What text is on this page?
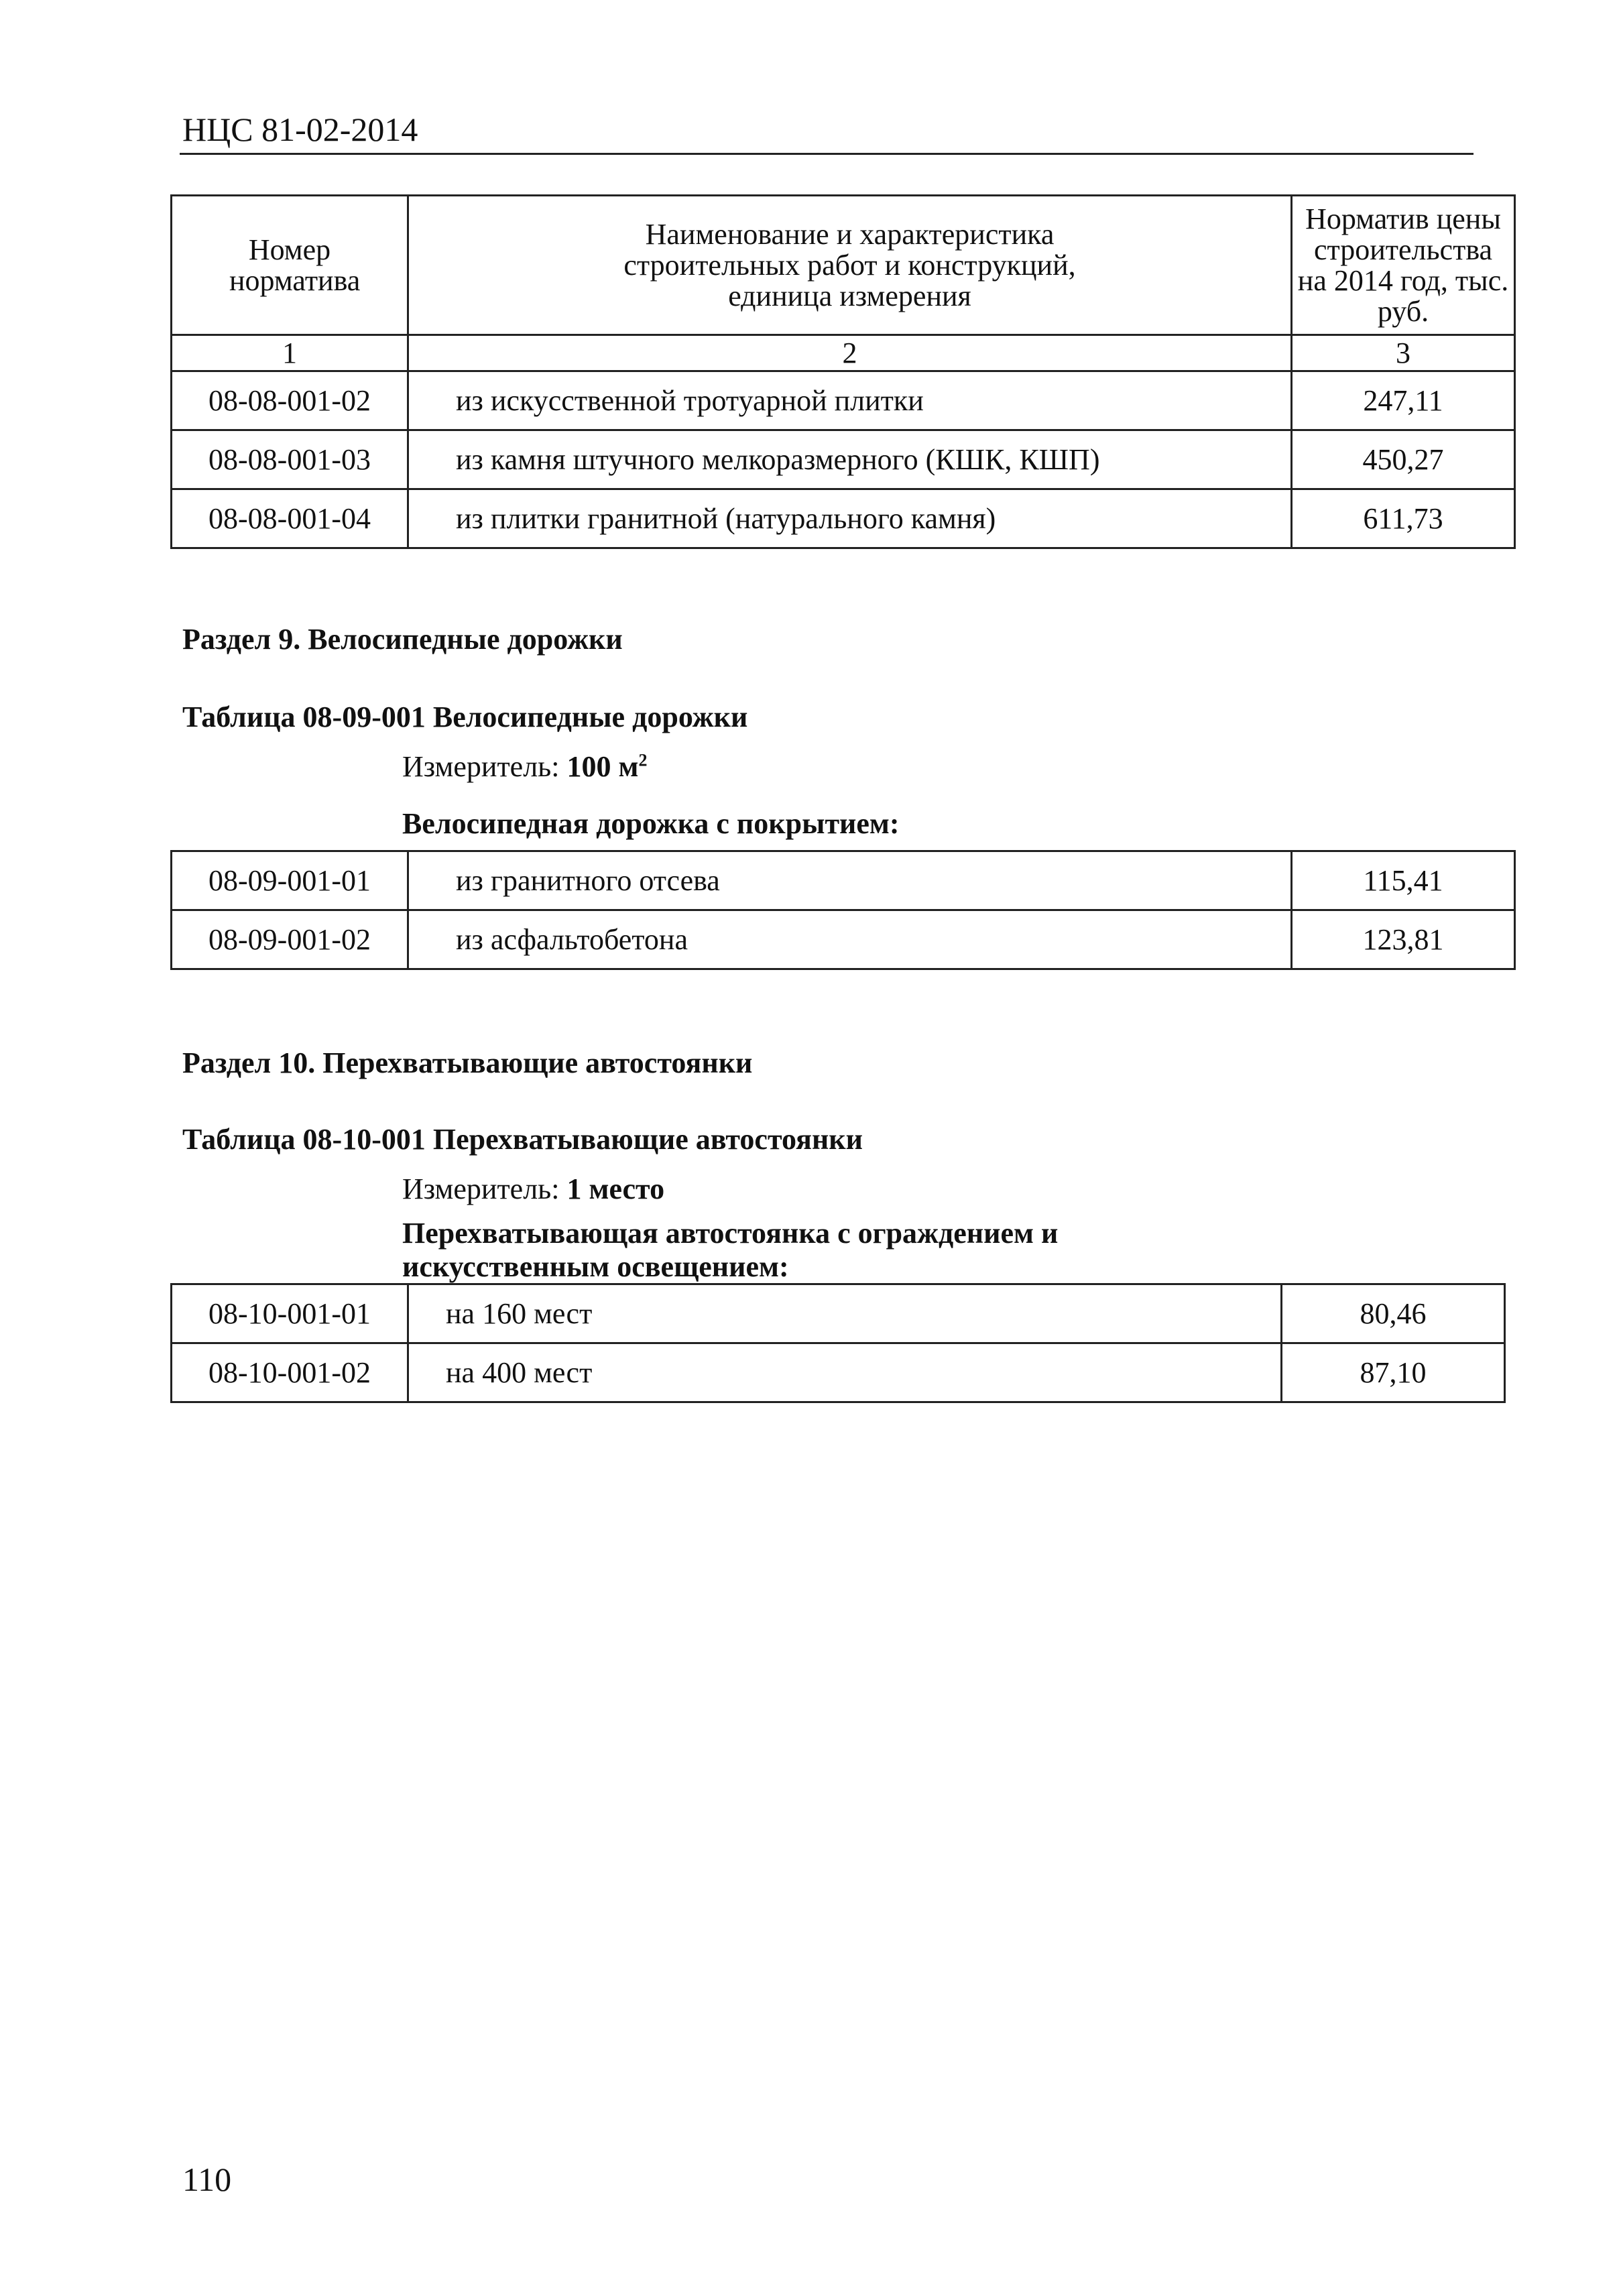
НЦС 81-02-2014
Номер норматива	Наименование и характеристика строительных работ и конструкций, единица измерения	Норматив цены строительства на 2014 год, тыс. руб.

1	2	3
08-08-001-02	из искусственной тротуарной плитки	247,11
08-08-001-03	из камня штучного мелкоразмерного (КШК, КШП)	450,27
08-08-001-04	из плитки гранитной (натурального камня)	611,73
Раздел 9. Велосипедные дорожки
Таблица 08-09-001 Велосипедные дорожки
Измеритель: 100 $м^2$
Велосипедная дорожка с покрытием:
08-09-001-01	из гранитного отсева	115,41
08-09-001-02	из асфальтобетона	123,81
Раздел 10. Перехватывающие автостоянки
Таблица 08-10-001 Перехватывающие автостоянки
Измеритель: 1 место
Перехватывающая автостоянка с ограждением и
искусственным освещением:
08-10-001-01	на 160 мест	80,46
08-10-001-02	на 400 мест	87,10
110
